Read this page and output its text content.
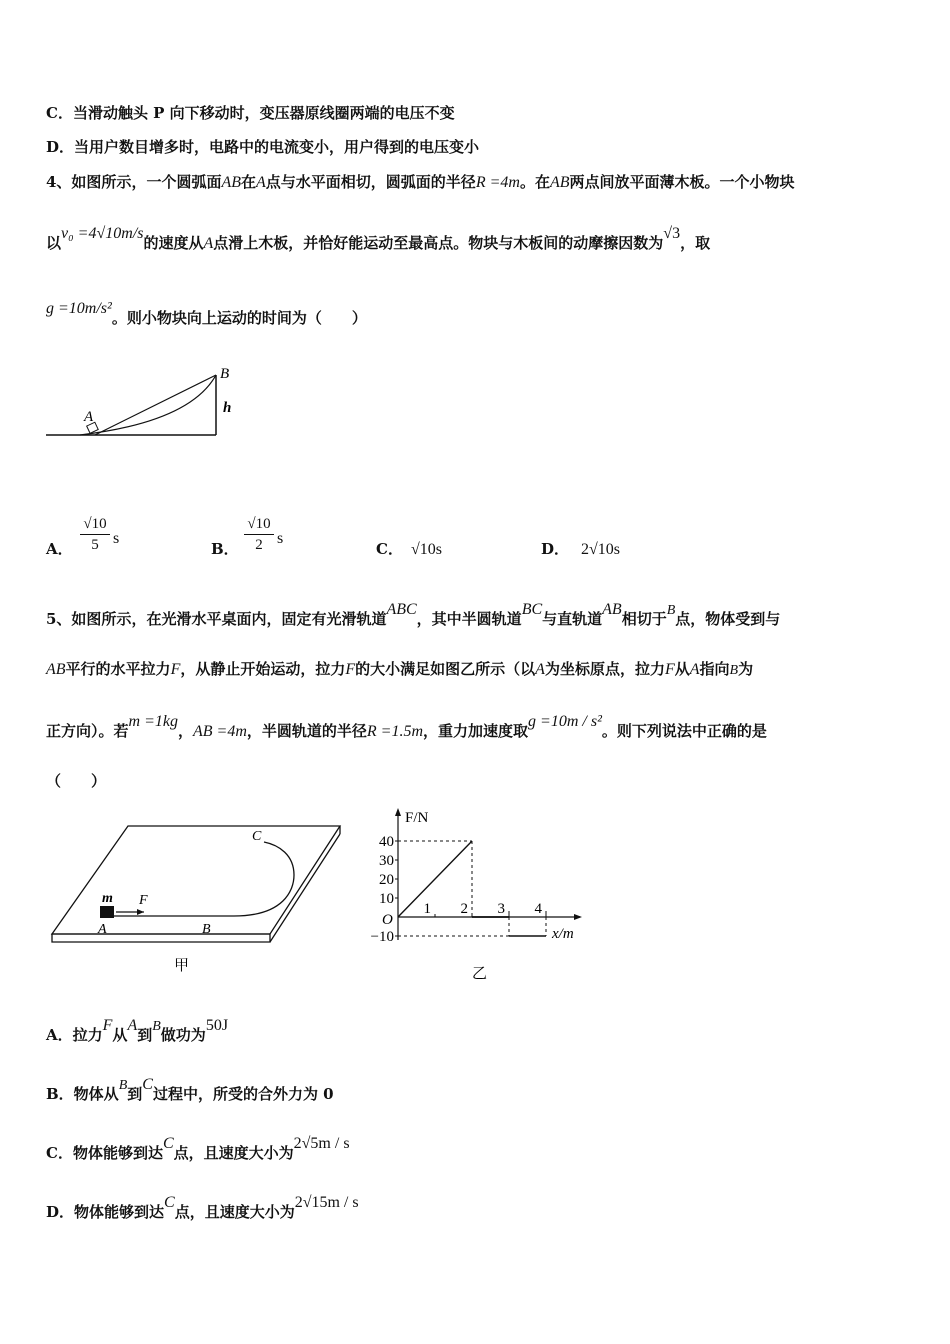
C．当滑动触头 P 向下移动时，变压器原线圈两端的电压不变
D．当用户数目增多时，电路中的电流变小，用户得到的电压变小
4、如图所示，一个圆弧面AB在A点与水平面相切，圆弧面的半径R =4m。在AB两点间放平面薄木板。一个小物块
以v₀ =4√10m/s的速度从A点滑上木板，并恰好能运动至最高点。物块与木板间的动摩擦因数为√3，取
g =10m/s²。则小物块向上运动的时间为（　　）
A
B
h
A．
√10
5 s
B．
√10
2 s
C． √10s	D． 2√10s
5、如图所示，在光滑水平桌面内，固定有光滑轨道ABC，其中半圆轨道BC与直轨道AB相切于B点，物体受到与
AB平行的水平拉力F，从静止开始运动，拉力F的大小满足如图乙所示（以A为坐标原点，拉力F从A指向B为
正方向）。若m =1kg，AB =4m，半圆轨道的半径R =1.5m，重力加速度取g =10m / s²。则下列说法中正确的是
（　　）
m F
A	B
C
甲
F/N
x/m
O
乙
40
30
20
10
−10
1 2 3 4
A．拉力F从A到B做功为50J
B．物体从B到C过程中，所受的合外力为 0
C．物体能够到达C点，且速度大小为2√5m / s
D．物体能够到达C点，且速度大小为2√15m / s
